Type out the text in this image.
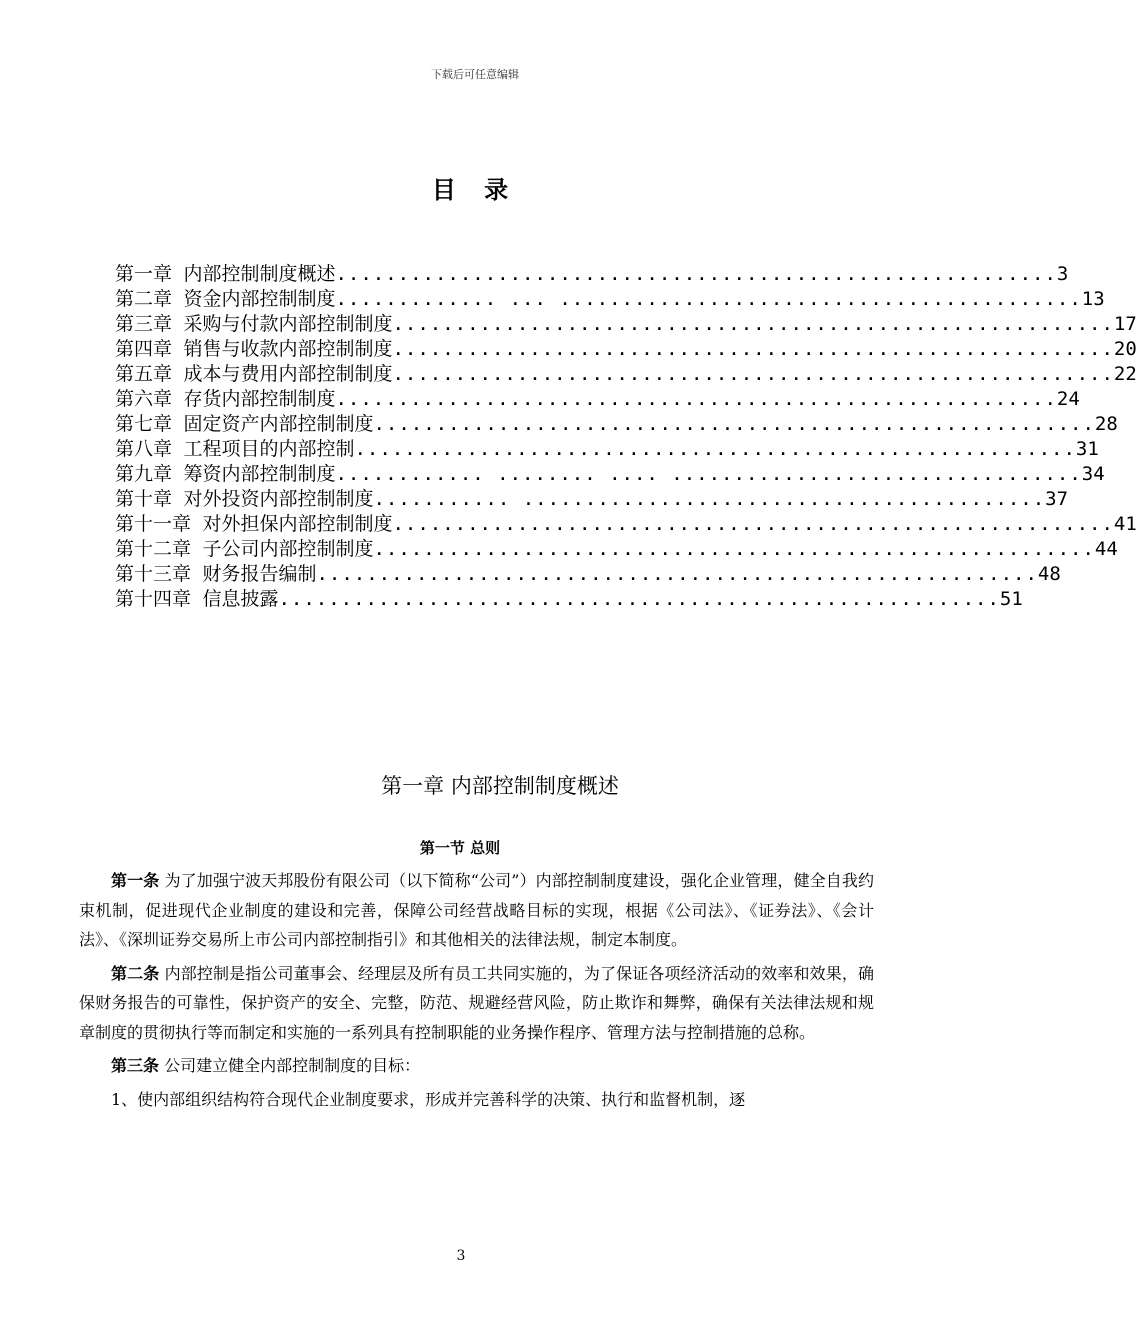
下载后可任意编辑
目 录
第一章 内部控制制度概述 .......................................................... 3
第二章 资金内部控制制度 ............. ... .......................................... 13
第三章 采购与付款内部控制制度 .......................................................... 17
第四章 销售与收款内部控制制度 .......................................................... 20
第五章 成本与费用内部控制制度 .......................................................... 22
第六章 存货内部控制制度 .......................................................... 24
第七章 固定资产内部控制制度 .......................................................... 28
第八章 工程项目的内部控制 .......................................................... 31
第九章 筹资内部控制制度 ............ ........ .... ................................. 34
第十章 对外投资内部控制制度 ........... .......................................... 37
第十一章 对外担保内部控制制度 .......................................................... 41
第十二章 子公司内部控制制度 .......................................................... 44
第十三章 财务报告编制 .......................................................... 48
第十四章 信息披露 .......................................................... 51
第一章 内部控制制度概述
第一节 总则

第一条 为了加强宁波天邦股份有限公司（以下简称“公司”）内部控制制度建设，强化企业管理，健全自我约束机制，促进现代企业制度的建设和完善，保障公司经营战略目标的实现，根据《公司法》、《证券法》、《会计法》、《深圳证券交易所上市公司内部控制指引》和其他相关的法律法规，制定本制度。

第二条 内部控制是指公司董事会、经理层及所有员工共同实施的，为了保证各项经济活动的效率和效果，确保财务报告的可靠性，保护资产的安全、完整，防范、规避经营风险，防止欺诈和舞弊，确保有关法律法规和规章制度的贯彻执行等而制定和实施的一系列具有控制职能的业务操作程序、管理方法与控制措施的总称。

第三条 公司建立健全内部控制制度的目标：

1、使内部组织结构符合现代企业制度要求，形成并完善科学的决策、执行和监督机制，逐

3
